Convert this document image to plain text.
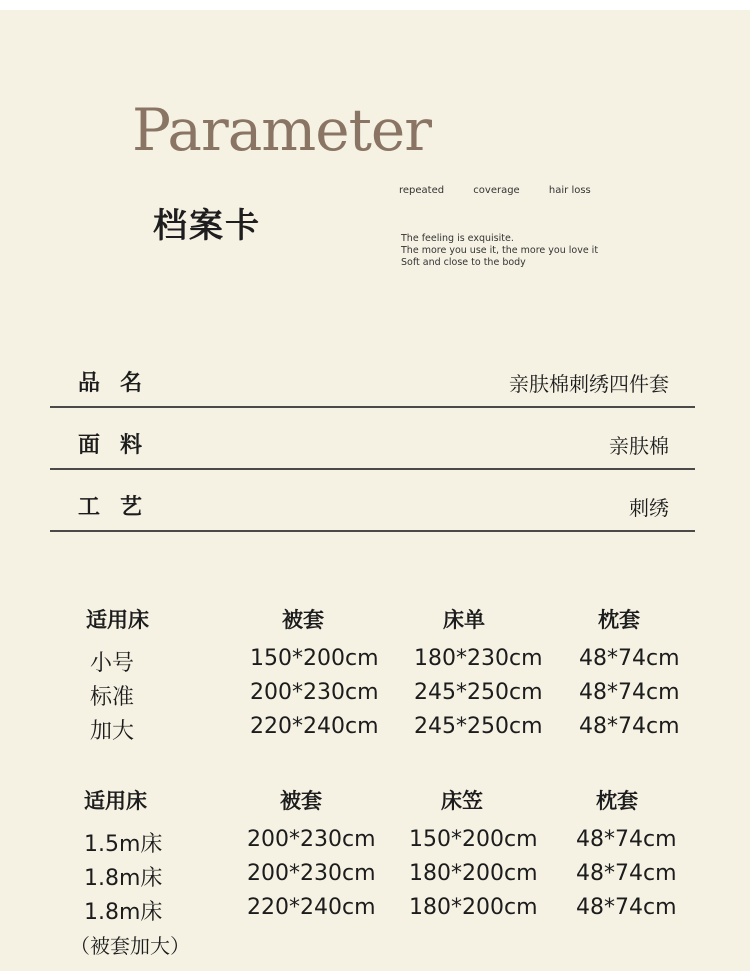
Parameter
档案卡
repeated	coverage	hair loss
The feeling is exquisite.
The more you use it, the more you love it
Soft and close to the body
品名	亲肤棉刺绣四件套
面料	亲肤棉
工艺	刺绣
适用床	被套	床单	枕套
小号	150*200cm 180*230cm 48*74cm
标准	200*230cm 245*250cm 48*74cm
加大	220*240cm 245*250cm 48*74cm
适用床	被套	床笠	枕套
1.5m床	200*230cm 150*200cm 48*74cm
1.8m床	200*230cm 180*200cm 48*74cm
1.8m床	220*240cm 180*200cm 48*74cm
（被套加大）
